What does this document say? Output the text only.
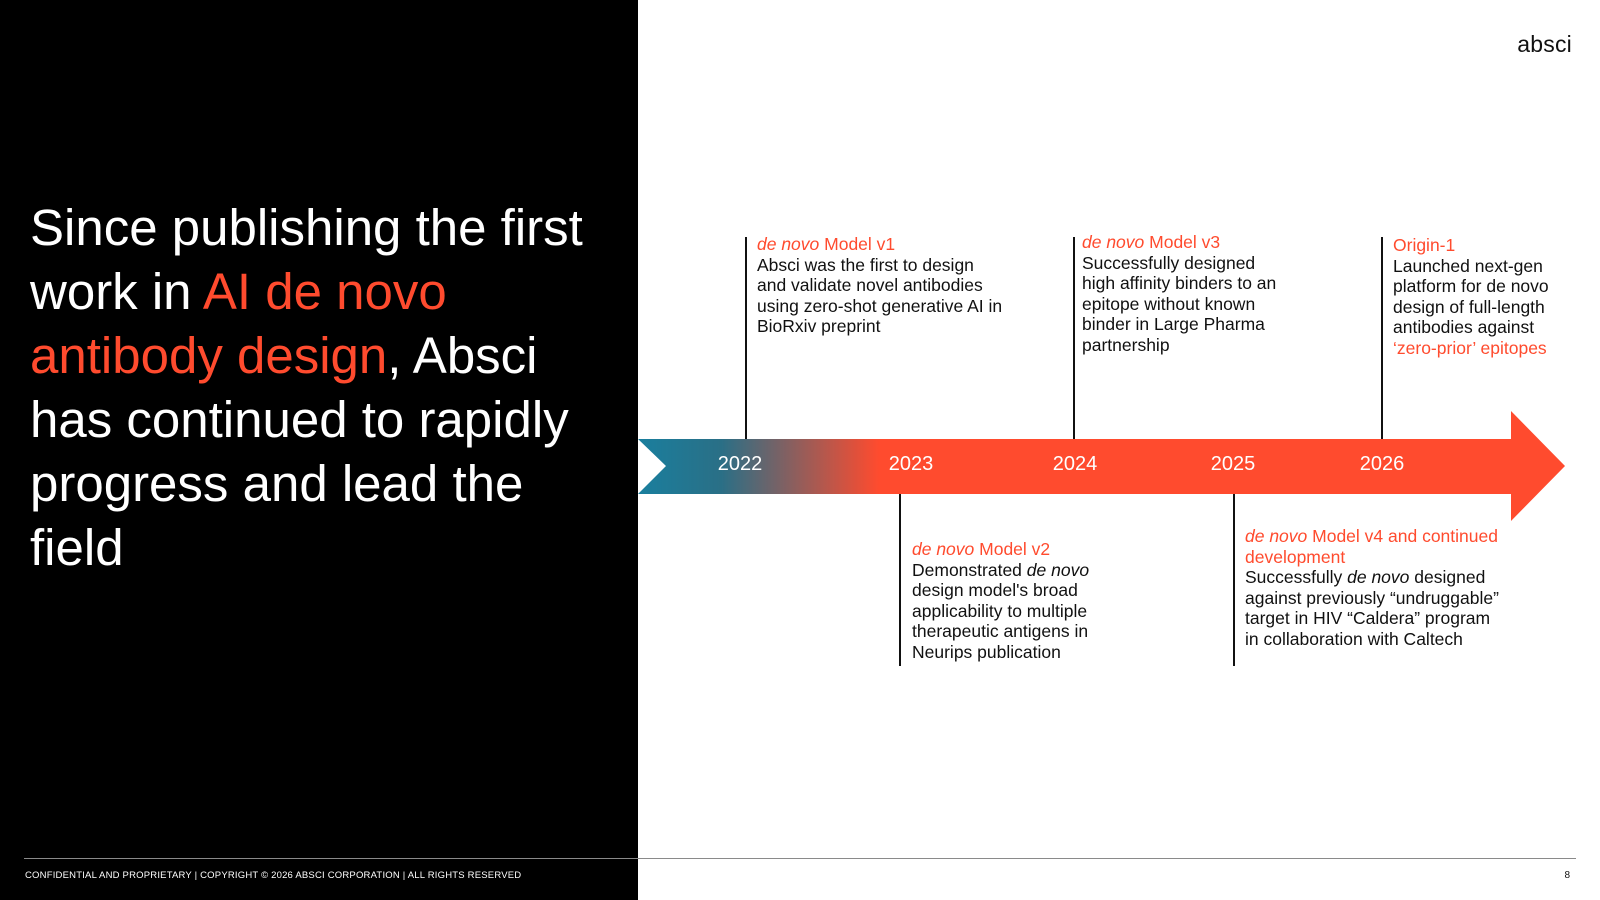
Since publishing the first work in AI de novo antibody design, Absci has continued to rapidly progress and lead the field
absci
2022	2023	2024	2025	2026

de novo Model v1

Absci was the first to design and validate novel antibodies using zero-shot generative AI in BioRxiv preprint

de novo Model v2

Demonstrated de novo design model's broad applicability to multiple therapeutic antigens in Neurips publication

de novo Model v3

Successfully designed high affinity binders to an epitope without known binder in Large Pharma partnership

de novo Model v4 and continued development

Successfully de novo designed against previously “undruggable” target in HIV “Caldera” program in collaboration with Caltech

Origin-1

Launched next-gen platform for de novo design of full-length antibodies against ‘zero-prior’ epitopes

CONFIDENTIAL AND PROPRIETARY | COPYRIGHT © 2026 ABSCI CORPORATION | ALL RIGHTS RESERVED	8
